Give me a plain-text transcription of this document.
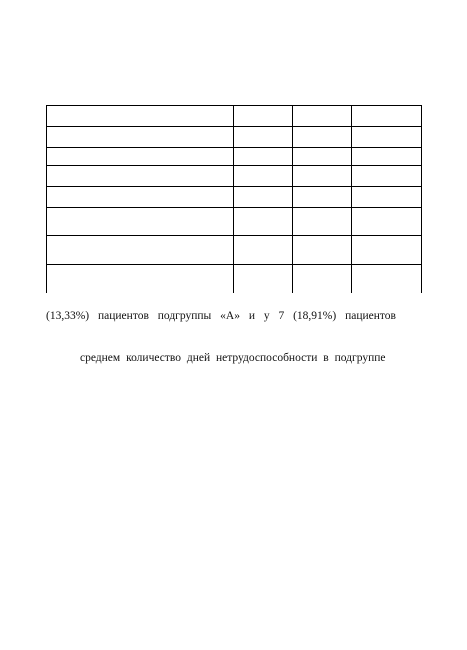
(13,33%) пациентов подгруппы «А» и у 7 (18,91%) пациентов
среднем количество дней нетрудоспособности в подгруппе
